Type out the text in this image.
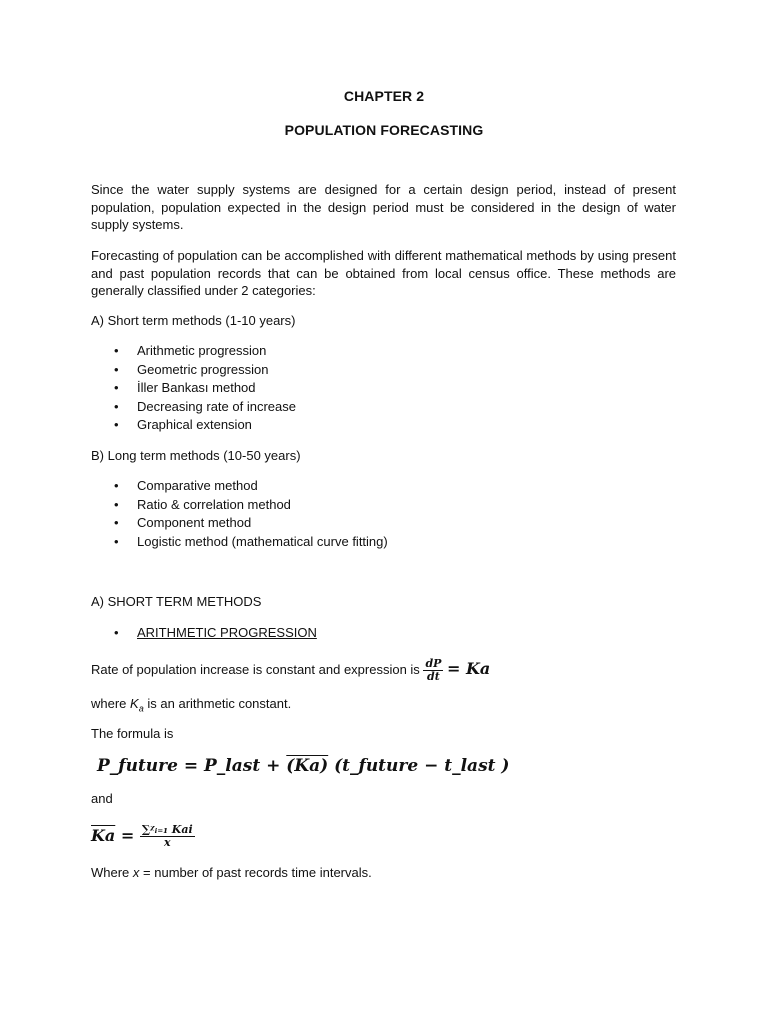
CHAPTER 2
POPULATION FORECASTING
Since the water supply systems are designed for a certain design period, instead of present population, population expected in the design period must be considered in the design of water supply systems.
Forecasting of population can be accomplished with different mathematical methods by using present and past population records that can be obtained from local census office. These methods are generally classified under 2 categories:
A) Short term methods (1-10 years)
• Arithmetic progression
• Geometric progression
• İller Bankası method
• Decreasing rate of increase
• Graphical extension
B) Long term methods (10-50 years)
• Comparative method
• Ratio & correlation method
• Component method
• Logistic method (mathematical curve fitting)
A) SHORT TERM METHODS
• ARITHMETIC PROGRESSION
Rate of population increase is constant and expression is $\frac{dP}{dt} = Ka$
where $K_a$ is an arithmetic constant.
The formula is
P_future = P_last + (Ka) (t_future − t_last )
and
$\overline{Ka} = \frac{\text{∑ᵡᵢ₌₁ Kai}}{x}$
Where x = number of past records time intervals.
